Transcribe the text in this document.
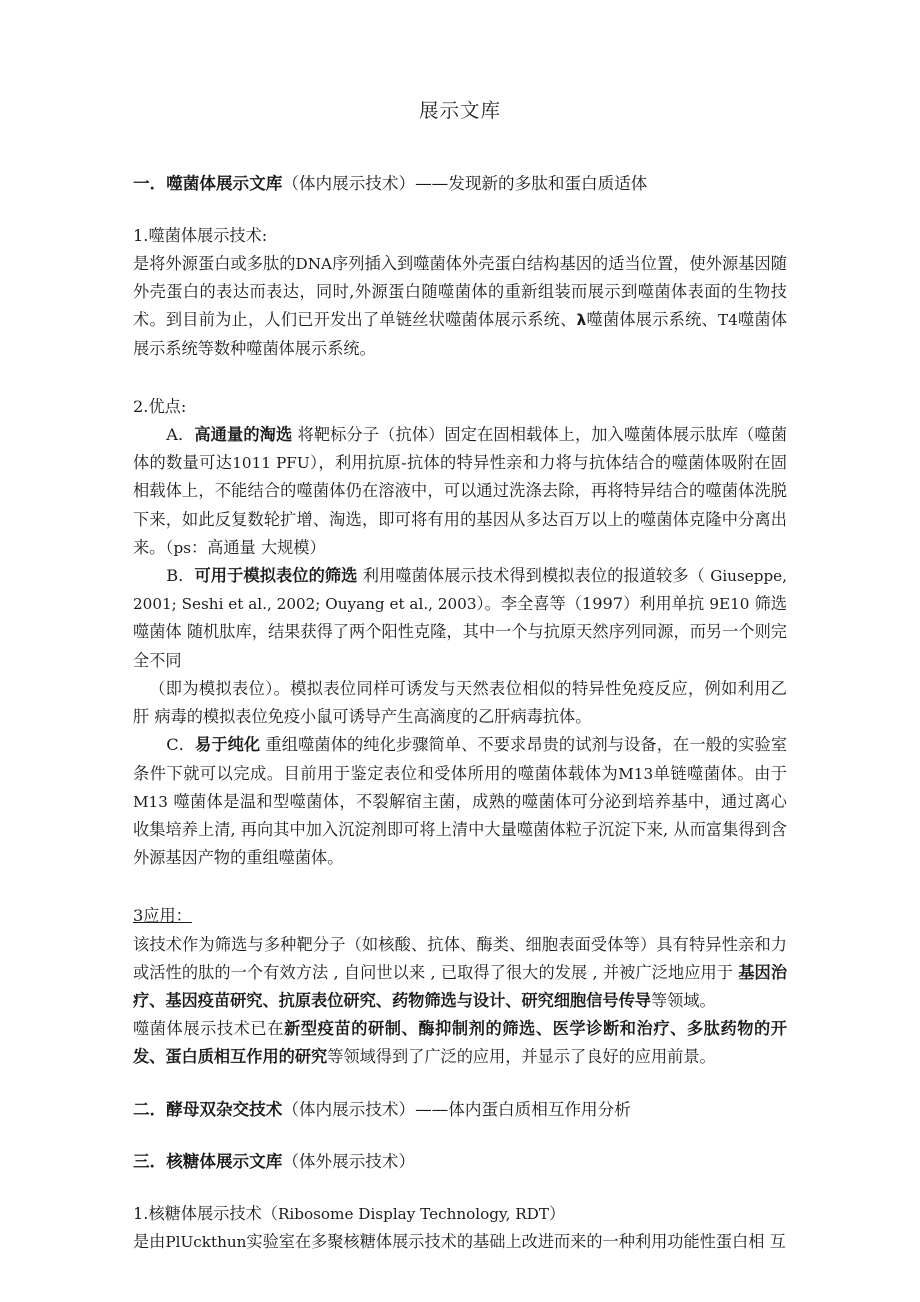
展示文库

一．噬菌体展示文库（体内展示技术）——发现新的多肽和蛋白质适体

1.噬菌体展示技术:

是将外源蛋白或多肽的DNA序列插入到噬菌体外壳蛋白结构基因的适当位置，使外源基因随外壳蛋白的表达而表达，同时,外源蛋白随噬菌体的重新组装而展示到噬菌体表面的生物技术。到目前为止，人们已开发出了单链丝状噬菌体展示系统、λ噬菌体展示系统、T4噬菌体展示系统等数种噬菌体展示系统。

2.优点:

A．高通量的淘选 将靶标分子（抗体）固定在固相载体上，加入噬菌体展示肽库（噬菌 体的数量可达1011 PFU），利用抗原-抗体的特异性亲和力将与抗体结合的噬菌体吸附在固 相载体上，不能结合的噬菌体仍在溶液中，可以通过洗涤去除，再将特异结合的噬菌体洗脱 下来，如此反复数轮扩增、淘选，即可将有用的基因从多达百万以上的噬菌体克隆中分离出 来。（ps：高通量 大规模）

B．可用于模拟表位的筛选 利用噬菌体展示技术得到模拟表位的报道较多（ Giuseppe, 2001; Seshi et al., 2002; Ouyang et al., 2003）。李全喜等（1997）利用单抗 9E10 筛选噬菌体 随机肽库，结果获得了两个阳性克隆，其中一个与抗原天然序列同源，而另一个则完全不同

（即为模拟表位）。模拟表位同样可诱发与天然表位相似的特异性免疫反应，例如利用乙肝 病毒的模拟表位免疫小鼠可诱导产生高滴度的乙肝病毒抗体。

C．易于纯化 重组噬菌体的纯化步骤简单、不要求昂贵的试剂与设备，在一般的实验室条件下就可以完成。目前用于鉴定表位和受体所用的噬菌体载体为M13单链噬菌体。由于 M13 噬菌体是温和型噬菌体，不裂解宿主菌，成熟的噬菌体可分泌到培养基中，通过离心收集培养上清, 再向其中加入沉淀剂即可将上清中大量噬菌体粒子沉淀下来, 从而富集得到含外源基因产物的重组噬菌体。

3应用：

该技术作为筛选与多种靶分子（如核酸、抗体、酶类、细胞表面受体等）具有特异性亲和力或活性的肽的一个有效方法 , 自问世以来 , 已取得了很大的发展 , 并被广泛地应用于 基因治疗、基因疫苗研究、抗原表位研究、药物筛选与设计、研究细胞信号传导等领域。

噬菌体展示技术已在新型疫苗的研制、酶抑制剂的筛选、医学诊断和治疗、多肽药物的开发、蛋白质相互作用的研究等领域得到了广泛的应用，并显示了良好的应用前景。

二．酵母双杂交技术（体内展示技术）——体内蛋白质相互作用分析

三．核糖体展示文库（体外展示技术）

1.核糖体展示技术（Ribosome Display Technology, RDT）

是由PlUckthun实验室在多聚核糖体展示技术的基础上改进而来的一种利用功能性蛋白相 互
